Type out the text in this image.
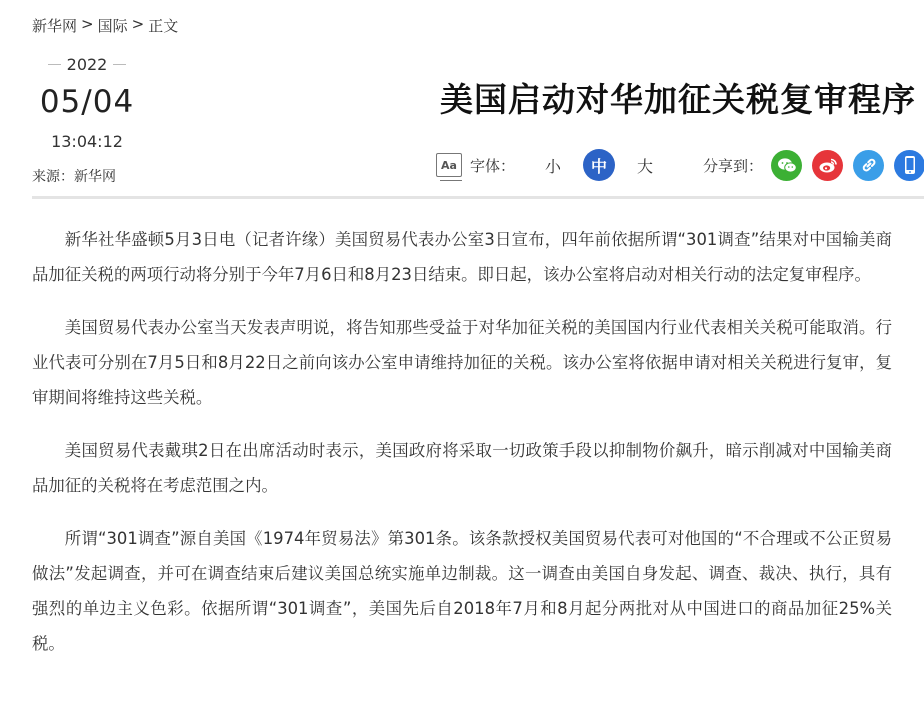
新华网 > 国际 > 正文
2022
05/04
13:04:12
来源：新华网
美国启动对华加征关税复审程序
Aa 字体：	小	中	大	分享到：

新华社华盛顿5月3日电（记者许缘）美国贸易代表办公室3日宣布，四年前依据所谓“301调查”结果对中国输美商品加征关税的两项行动将分别于今年7月6日和8月23日结束。即日起，该办公室将启动对相关行动的法定复审程序。

美国贸易代表办公室当天发表声明说，将告知那些受益于对华加征关税的美国国内行业代表相关关税可能取消。行业代表可分别在7月5日和8月22日之前向该办公室申请维持加征的关税。该办公室将依据申请对相关关税进行复审，复审期间将维持这些关税。

美国贸易代表戴琪2日在出席活动时表示，美国政府将采取一切政策手段以抑制物价飙升，暗示削减对中国输美商品加征的关税将在考虑范围之内。

所谓“301调查”源自美国《1974年贸易法》第301条。该条款授权美国贸易代表可对他国的“不合理或不公正贸易做法”发起调查，并可在调查结束后建议美国总统实施单边制裁。这一调查由美国自身发起、调查、裁决、执行，具有强烈的单边主义色彩。依据所谓“301调查”，美国先后自2018年7月和8月起分两批对从中国进口的商品加征25%关税。
